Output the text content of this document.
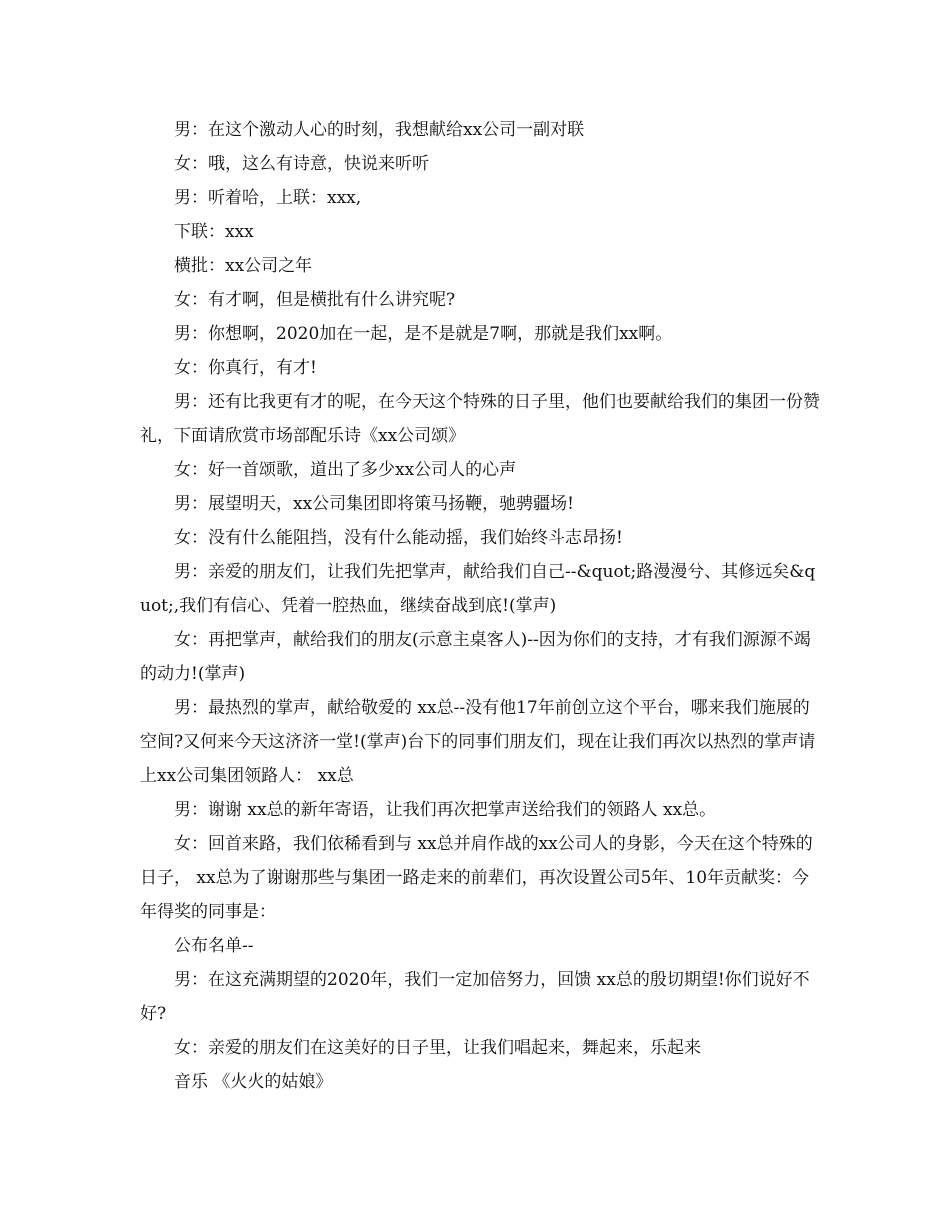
男：在这个激动人心的时刻，我想献给xx公司一副对联

女：哦，这么有诗意，快说来听听

男：听着哈，上联：xxx,

下联：xxx

横批：xx公司之年

女：有才啊，但是横批有什么讲究呢?

男：你想啊，2020加在一起，是不是就是7啊，那就是我们xx啊。

女：你真行，有才!

男：还有比我更有才的呢，在今天这个特殊的日子里，他们也要献给我们的集团一份赞礼，下面请欣赏市场部配乐诗《xx公司颂》

女：好一首颂歌，道出了多少xx公司人的心声

男：展望明天，xx公司集团即将策马扬鞭，驰骋疆场!

女：没有什么能阻挡，没有什么能动摇，我们始终斗志昂扬!

男：亲爱的朋友们，让我们先把掌声，献给我们自己--&quot;路漫漫兮、其修远矣&quot;,我们有信心、凭着一腔热血，继续奋战到底!(掌声)

女：再把掌声，献给我们的朋友(示意主桌客人)--因为你们的支持，才有我们源源不竭的动力!(掌声)

男：最热烈的掌声，献给敬爱的 xx总--没有他17年前创立这个平台，哪来我们施展的空间?又何来今天这济济一堂!(掌声)台下的同事们朋友们，现在让我们再次以热烈的掌声请上xx公司集团领路人： xx总

男：谢谢 xx总的新年寄语，让我们再次把掌声送给我们的领路人 xx总。

女：回首来路，我们依稀看到与 xx总并肩作战的xx公司人的身影，今天在这个特殊的日子， xx总为了谢谢那些与集团一路走来的前辈们，再次设置公司5年、10年贡献奖：今年得奖的同事是：

公布名单--

男：在这充满期望的2020年，我们一定加倍努力，回馈 xx总的殷切期望!你们说好不好?

女：亲爱的朋友们在这美好的日子里，让我们唱起来，舞起来，乐起来

音乐 《火火的姑娘》
